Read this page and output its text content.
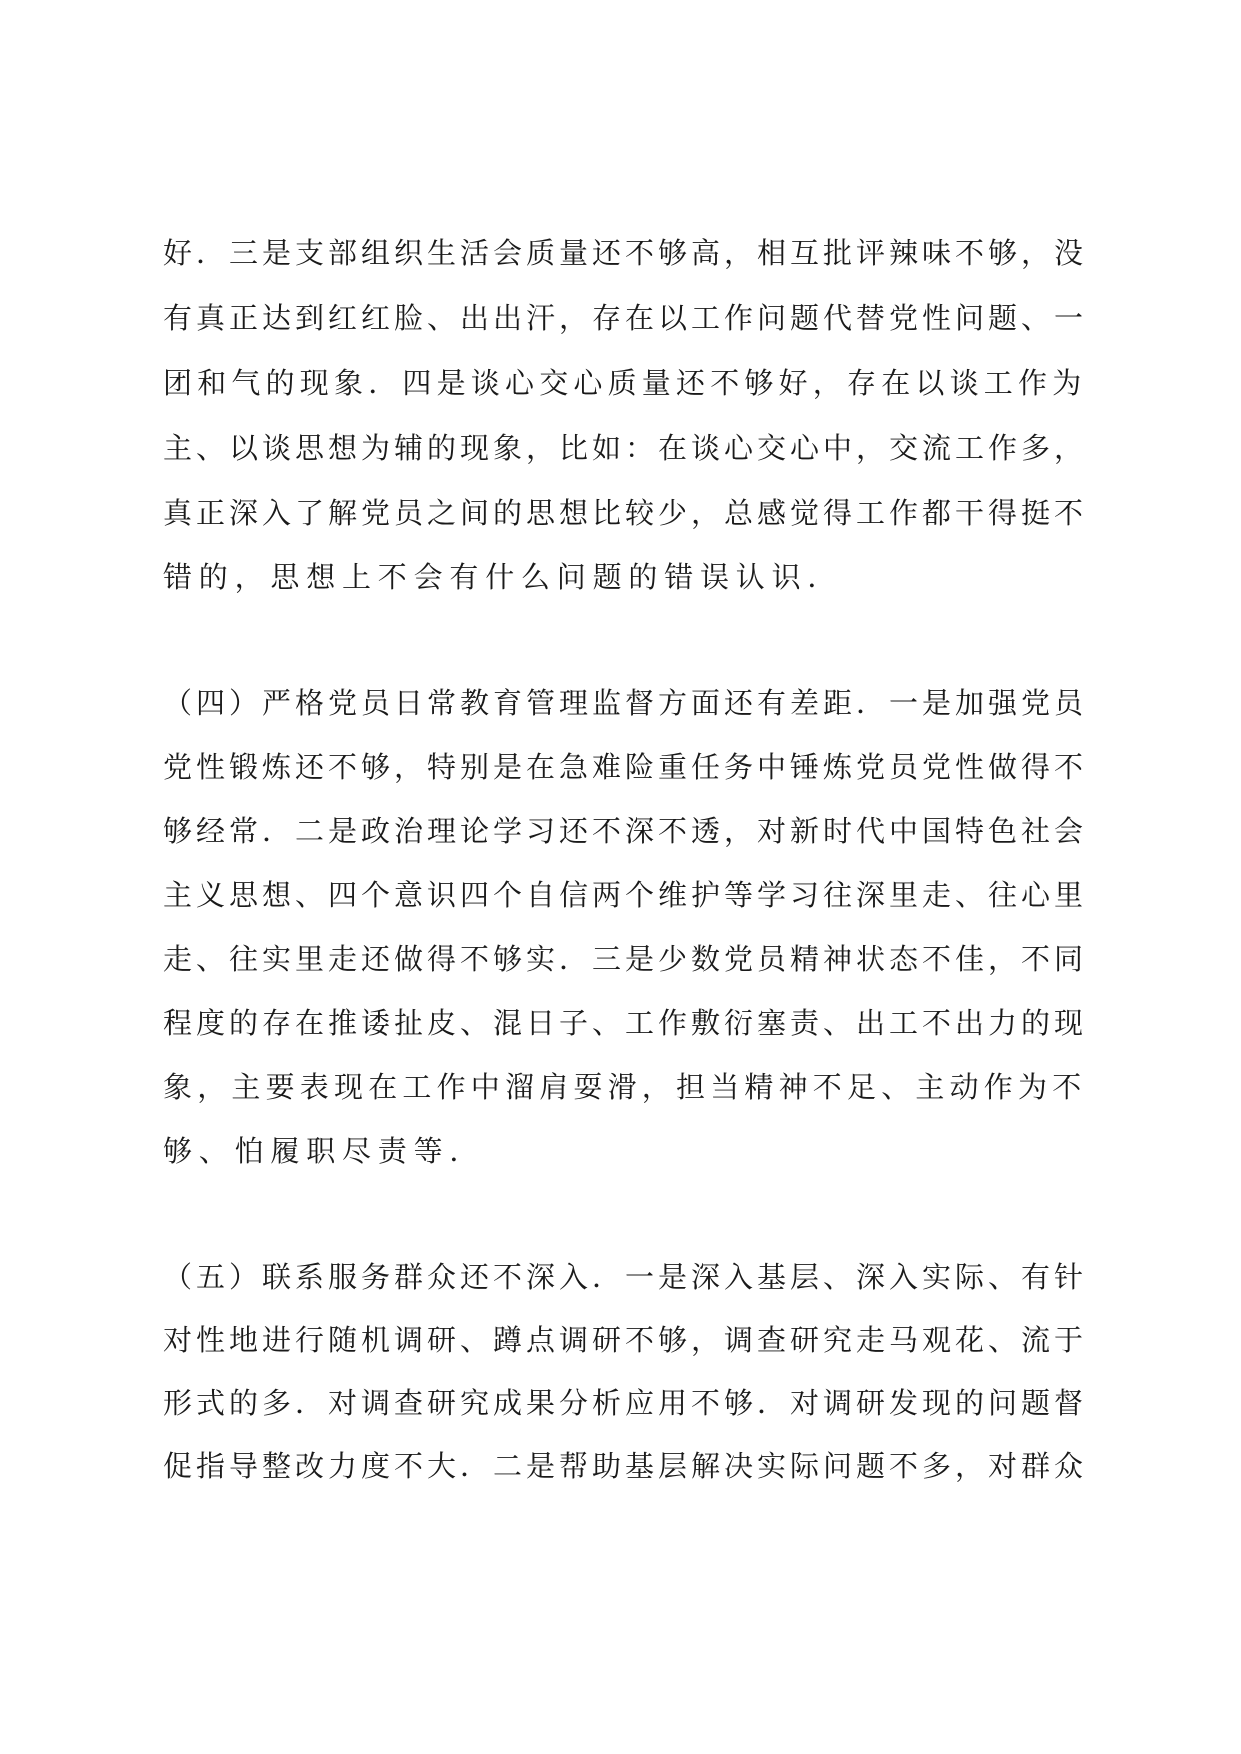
好．三是支部组织生活会质量还不够高，相互批评辣味不够，没
有真正达到红红脸、出出汗，存在以工作问题代替党性问题、一
团和气的现象．四是谈心交心质量还不够好，存在以谈工作为
主、以谈思想为辅的现象，比如：在谈心交心中，交流工作多，
真正深入了解党员之间的思想比较少，总感觉得工作都干得挺不
错的，思想上不会有什么问题的错误认识．
（四）严格党员日常教育管理监督方面还有差距．一是加强党员
党性锻炼还不够，特别是在急难险重任务中锤炼党员党性做得不
够经常．二是政治理论学习还不深不透，对新时代中国特色社会
主义思想、四个意识四个自信两个维护等学习往深里走、往心里
走、往实里走还做得不够实．三是少数党员精神状态不佳，不同
程度的存在推诿扯皮、混日子、工作敷衍塞责、出工不出力的现
象，主要表现在工作中溜肩耍滑，担当精神不足、主动作为不
够、怕履职尽责等．
（五）联系服务群众还不深入．一是深入基层、深入实际、有针
对性地进行随机调研、蹲点调研不够，调查研究走马观花、流于
形式的多．对调查研究成果分析应用不够．对调研发现的问题督
促指导整改力度不大．二是帮助基层解决实际问题不多，对群众
